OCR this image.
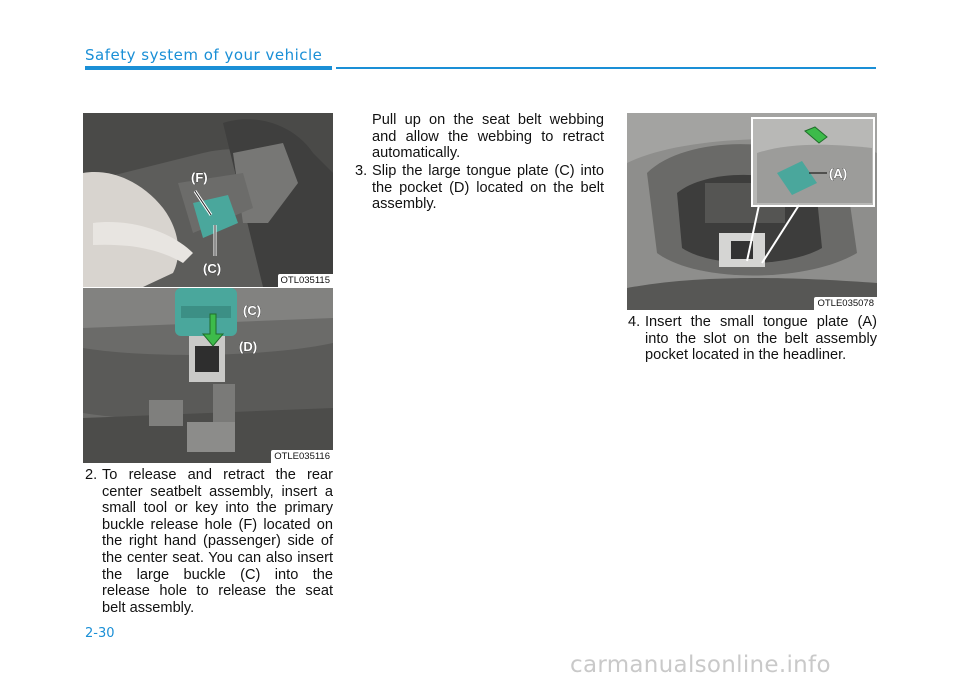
Safety system of your vehicle
(F)
(C)
OTL035115
(C)
(D)
OTLE035116
(A)
OTLE035078
2. To release and retract the rear center seatbelt assembly, insert a small tool or key into the primary buckle release hole (F) located on the right hand (passenger) side of the center seat. You can also insert the large buckle (C) into the release hole to release the seat belt assembly.
Pull up on the seat belt webbing and allow the webbing to retract automatically.
3. Slip the large tongue plate (C) into the pocket (D) located on the belt assembly.
4. Insert the small tongue plate (A) into the slot on the belt assembly pocket located in the headliner.
2-30
carmanualsonline.info
